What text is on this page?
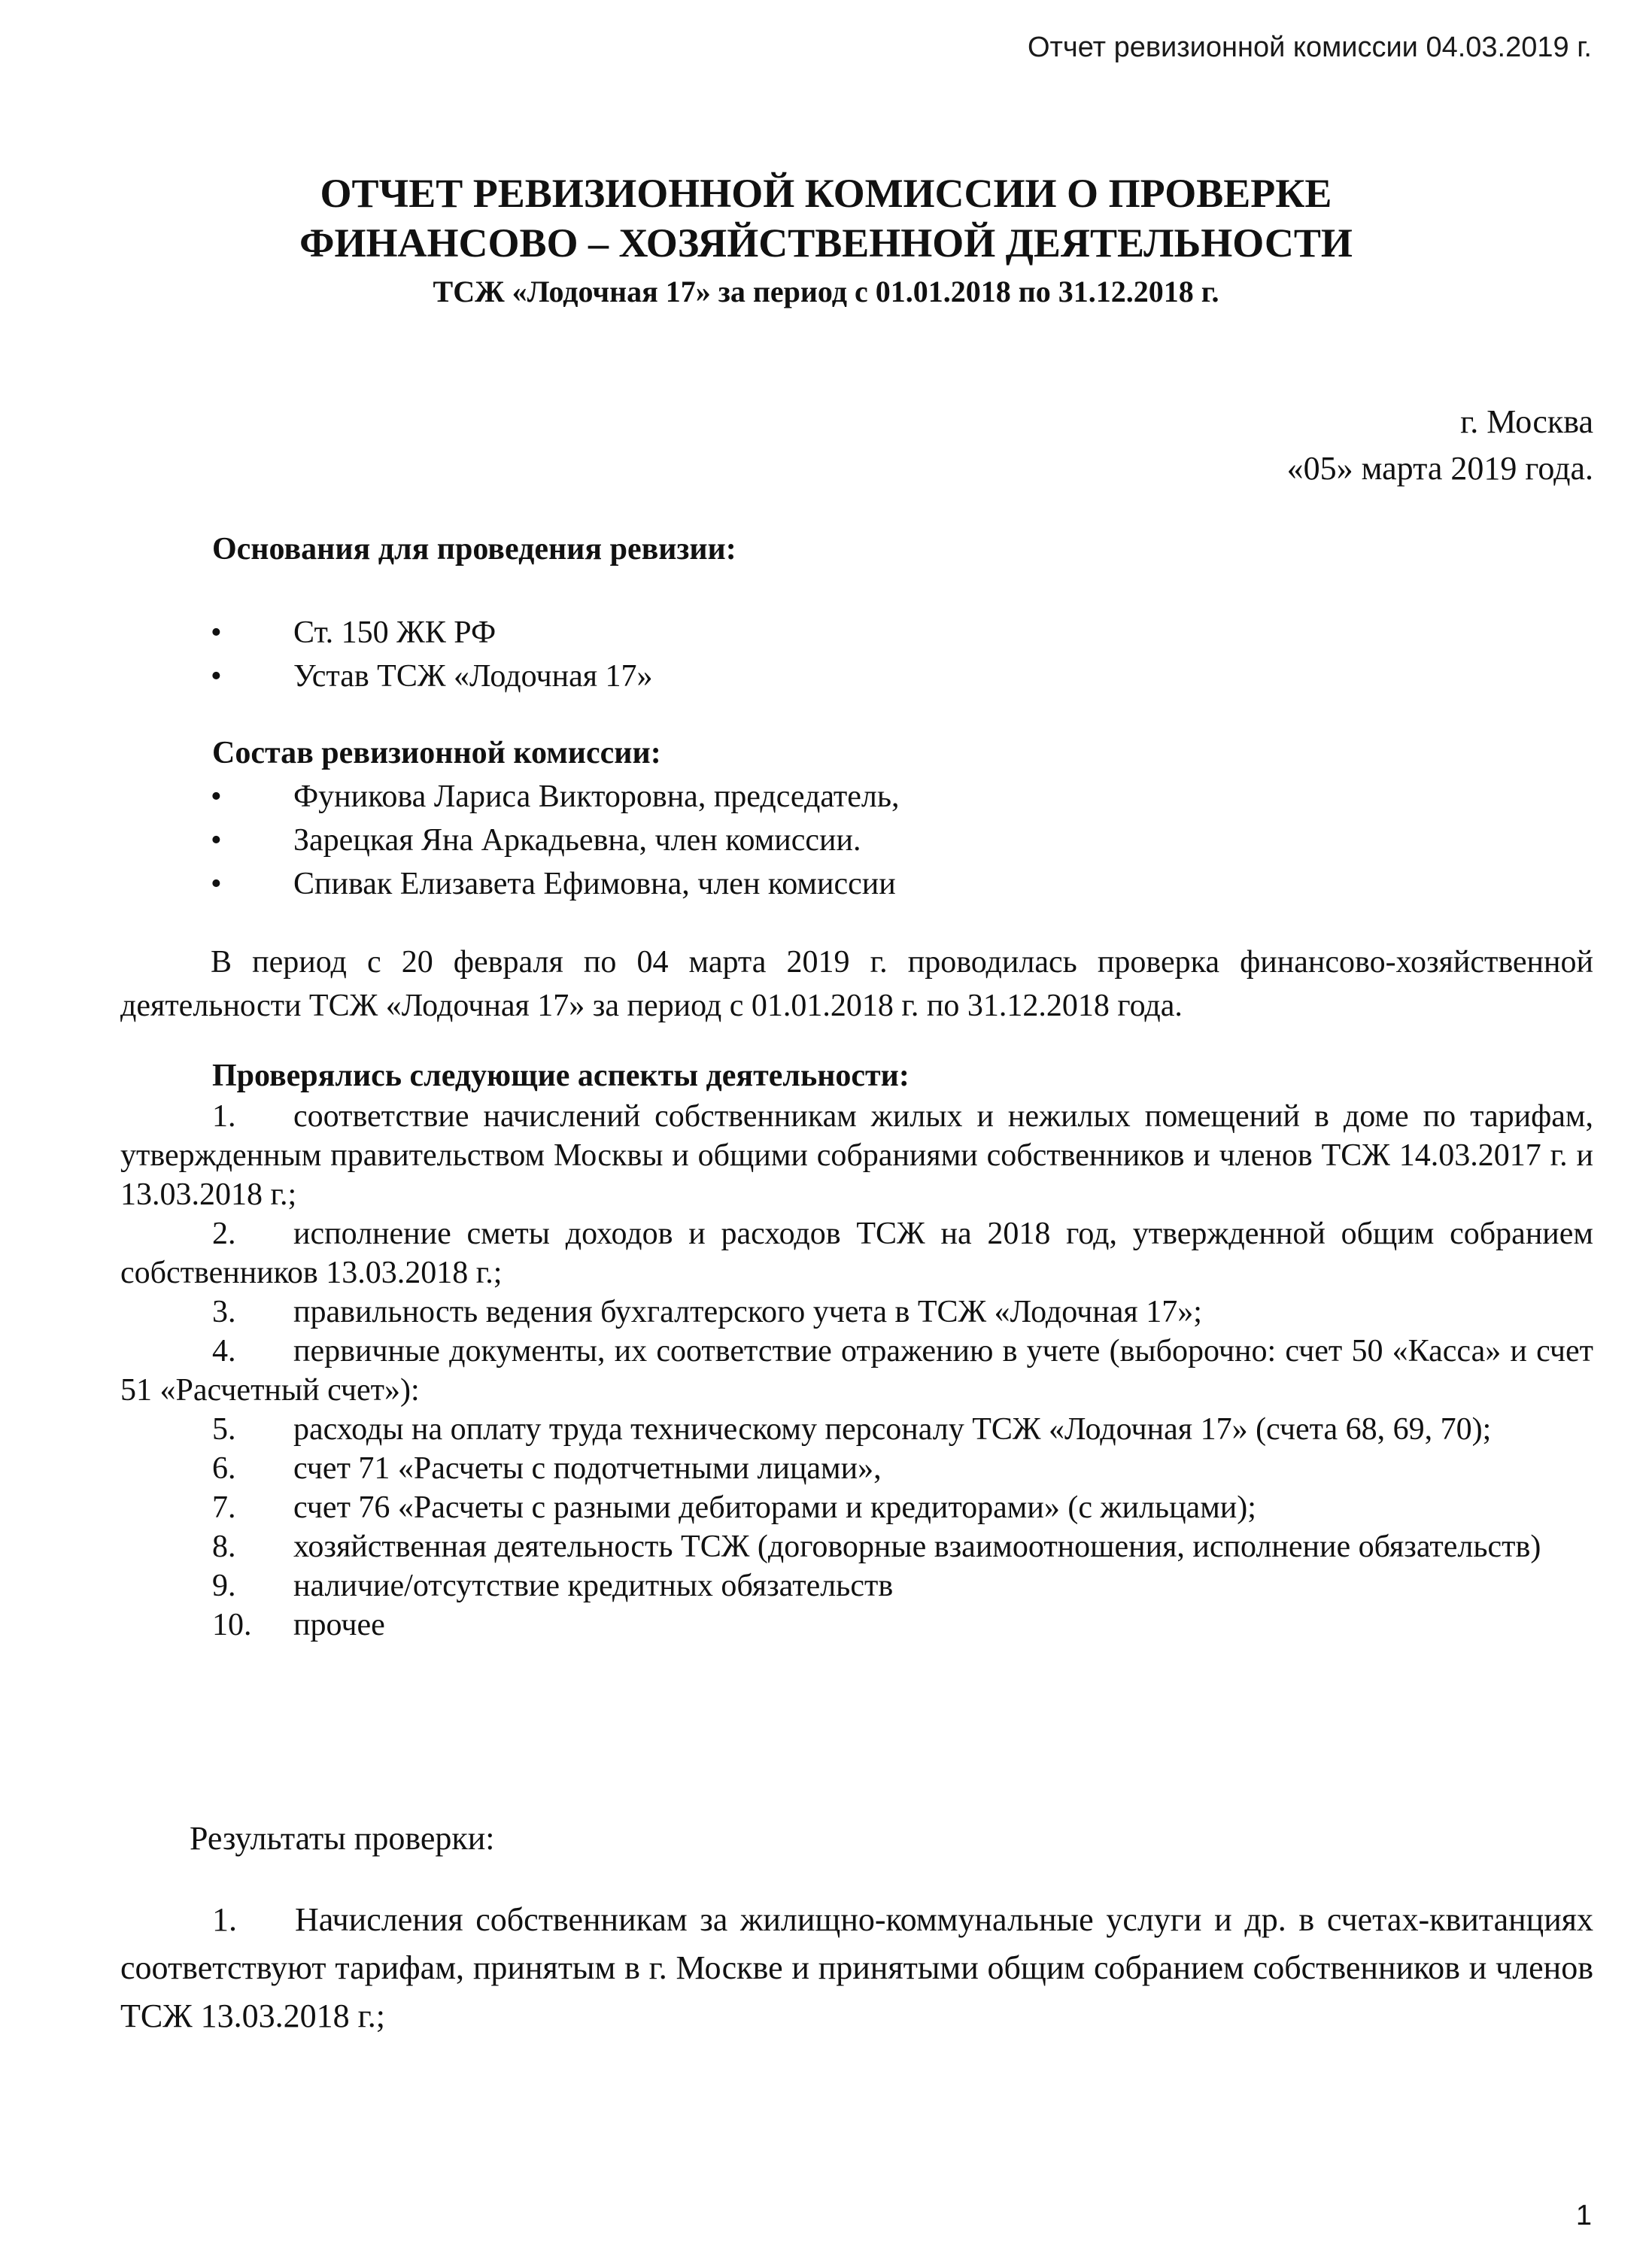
Отчет ревизионной комиссии 04.03.2019 г.
ОТЧЕТ РЕВИЗИОННОЙ КОМИССИИ О ПРОВЕРКЕ
ФИНАНСОВО – ХОЗЯЙСТВЕННОЙ ДЕЯТЕЛЬНОСТИ
ТСЖ «Лодочная 17» за период с 01.01.2018 по 31.12.2018 г.
г. Москва
«05» марта 2019 года.
Основания для проведения ревизии:
• Ст. 150 ЖК РФ
• Устав ТСЖ «Лодочная 17»
Состав ревизионной комиссии:
• Фуникова Лариса Викторовна, председатель,
• Зарецкая Яна Аркадьевна, член комиссии.
• Спивак Елизавета Ефимовна, член комиссии
В период с 20 февраля по 04 марта 2019 г. проводилась проверка финансово-хозяйственной деятельности ТСЖ «Лодочная 17» за период с 01.01.2018 г. по 31.12.2018 года.
Проверялись следующие аспекты деятельности:
1. соответствие начислений собственникам жилых и нежилых помещений в доме по тарифам, утвержденным правительством Москвы и общими собраниями собственников и членов ТСЖ 14.03.2017 г. и 13.03.2018 г.;
2. исполнение сметы доходов и расходов ТСЖ на 2018 год, утвержденной общим собранием собственников 13.03.2018 г.;
3. правильность ведения бухгалтерского учета в ТСЖ «Лодочная 17»;
4. первичные документы, их соответствие отражению в учете (выборочно: счет 50 «Касса» и счет 51 «Расчетный счет»):
5. расходы на оплату труда техническому персоналу ТСЖ «Лодочная 17» (счета 68, 69, 70);
6. счет 71 «Расчеты с подотчетными лицами»,
7. счет 76 «Расчеты с разными дебиторами и кредиторами» (с жильцами);
8. хозяйственная деятельность ТСЖ (договорные взаимоотношения, исполнение обязательств)
9. наличие/отсутствие кредитных обязательств
10. прочее
Результаты проверки:
1. Начисления собственникам за жилищно-коммунальные услуги и др. в счетах-квитанциях соответствуют тарифам, принятым в г. Москве и принятыми общим собранием собственников и членов ТСЖ 13.03.2018 г.;
1
